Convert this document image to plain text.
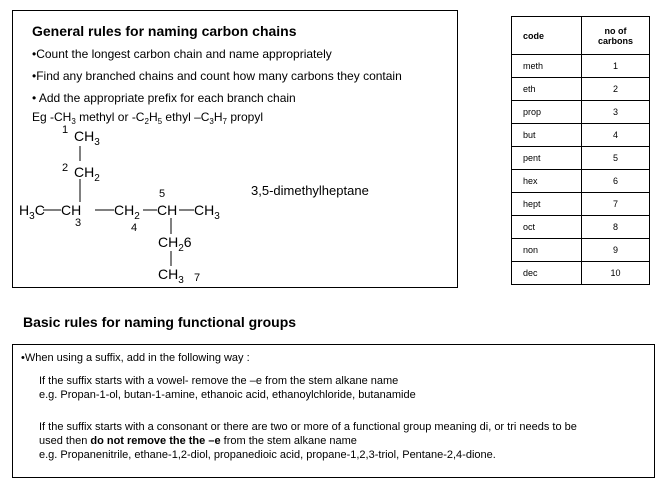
General rules for naming carbon chains
•Count the longest carbon chain and name appropriately
•Find any branched chains and count how many carbons they contain
• Add the appropriate prefix for each branch chain
Eg $-CH_3$ methyl or $-C_2H_5$ ethyl $-C_3H_7$ propyl
1 $CH_3$
2 $CH_2$
$H_3C$ CH
3
$CH_2$
4
5
CH $CH_3$
$CH_26$
$CH_3$ 7
3,5-dimethylheptane
code	no of
carbons
meth	1
eth	2
prop	3
but	4
pent	5
hex	6
hept	7
oct	8
non	9
dec	10
Basic rules for naming functional groups
•When using a suffix, add in the following way :
If the suffix starts with a vowel- remove the –e from the stem alkane name
e.g. Propan-1-ol, butan-1-amine, ethanoic acid, ethanoylchloride, butanamide
If the suffix starts with a consonant or there are two or more of a functional group meaning di, or tri needs to be
used then do not remove the the –e from the stem alkane name
e.g. Propanenitrile, ethane-1,2-diol, propanedioic acid, propane-1,2,3-triol, Pentane-2,4-dione.
